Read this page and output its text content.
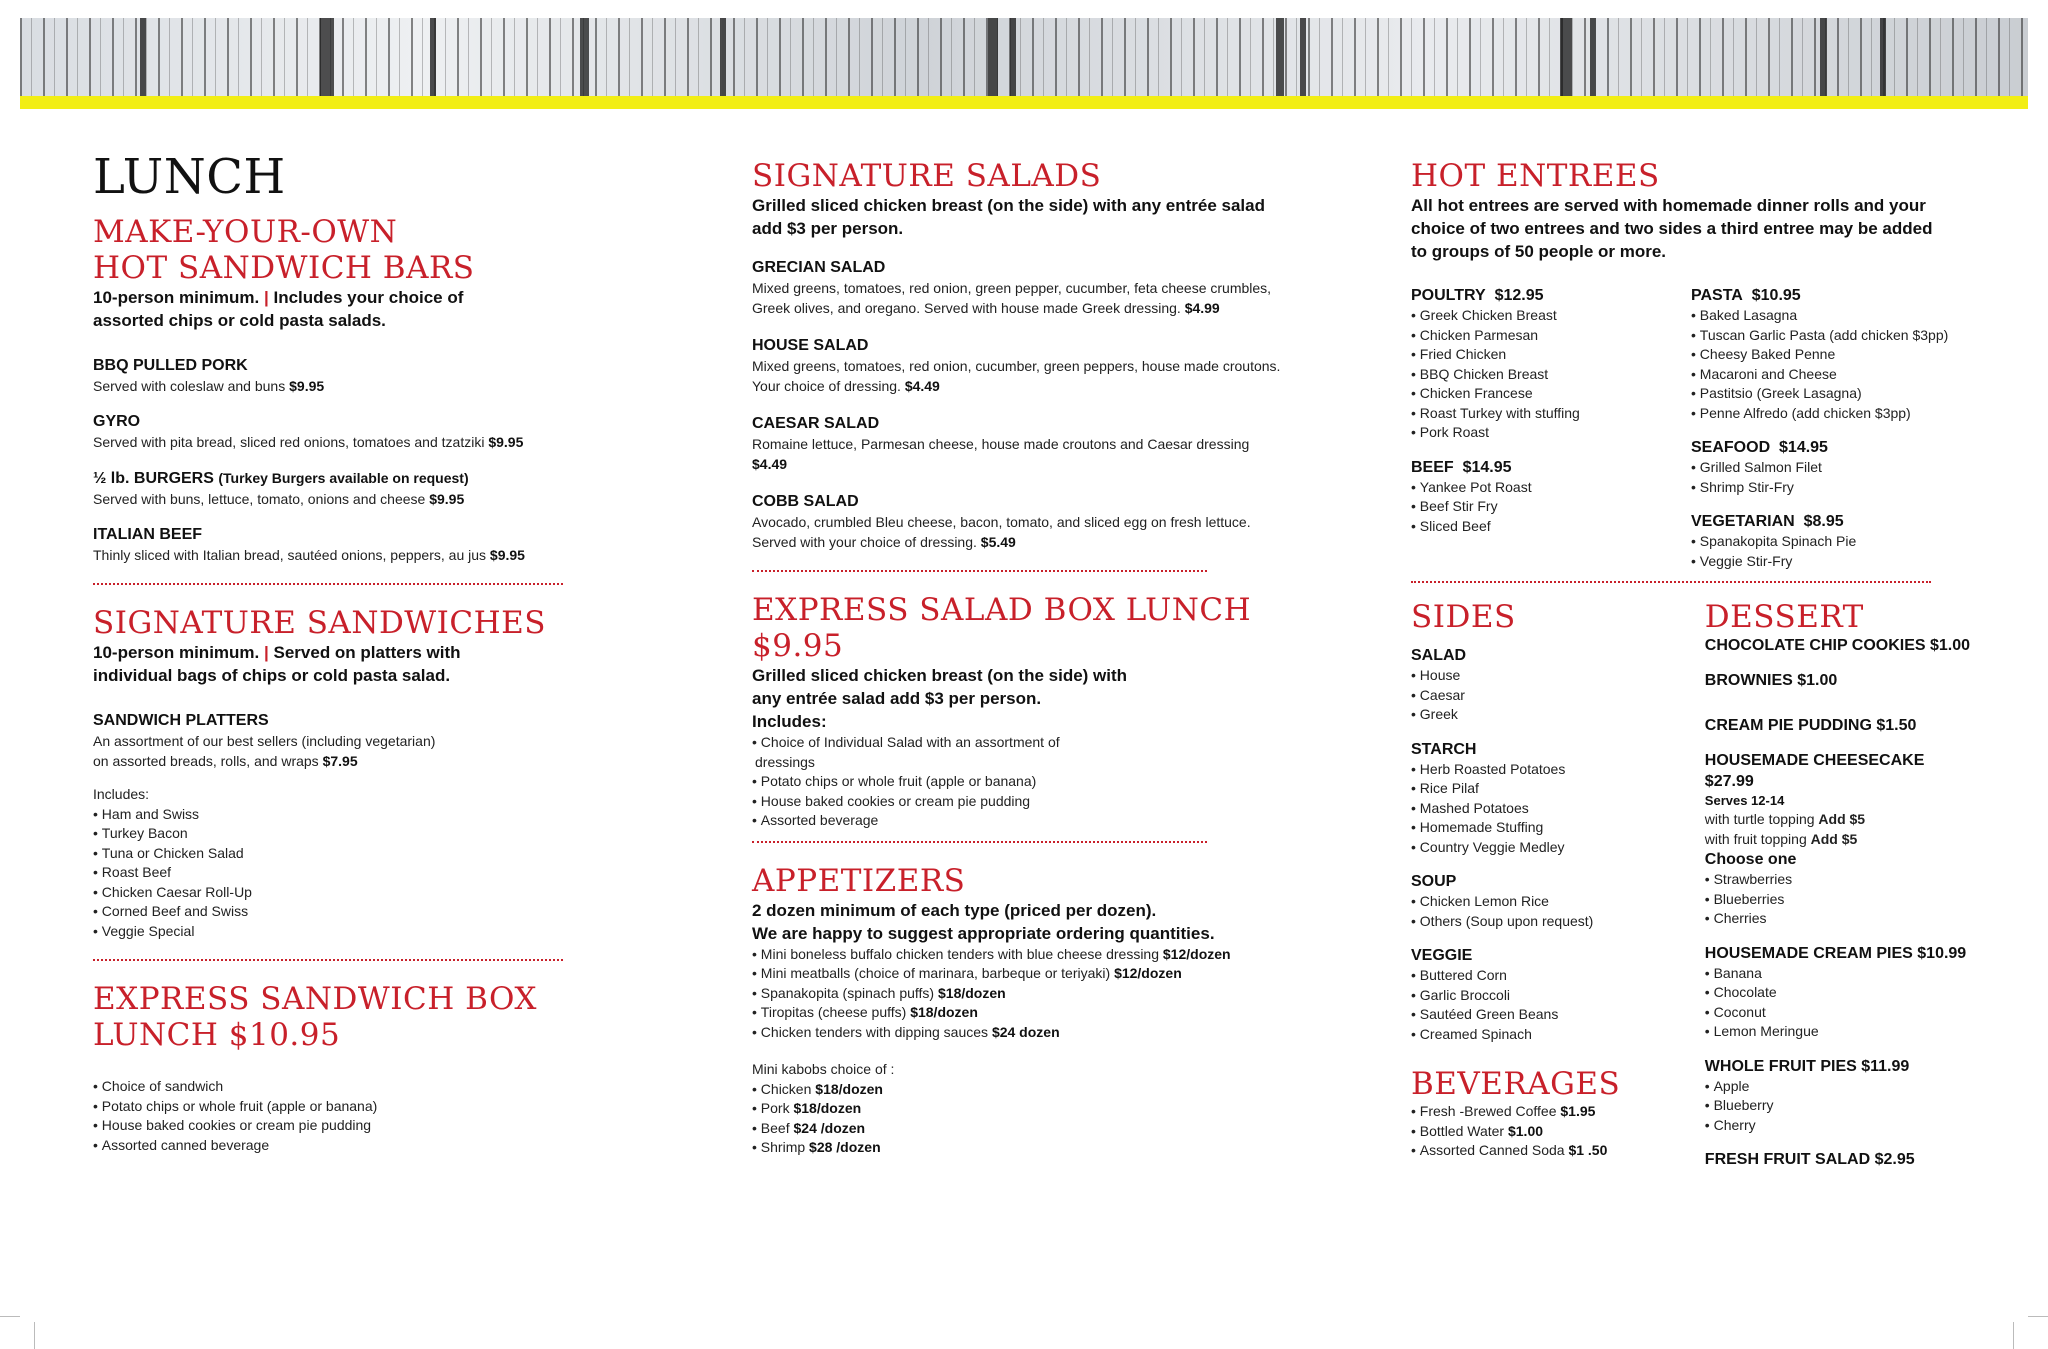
LUNCH
MAKE-YOUR-OWN
HOT SANDWICH BARS
10-person minimum. | Includes your choice of
assorted chips or cold pasta salads.
BBQ PULLED PORK
Served with coleslaw and buns $9.95
GYRO
Served with pita bread, sliced red onions, tomatoes and tzatziki $9.95
½ lb. BURGERS (Turkey Burgers available on request)
Served with buns, lettuce, tomato, onions and cheese $9.95
ITALIAN BEEF
Thinly sliced with Italian bread, sautéed onions, peppers, au jus $9.95
SIGNATURE SANDWICHES
10-person minimum. | Served on platters with
individual bags of chips or cold pasta salad.
SANDWICH PLATTERS
An assortment of our best sellers (including vegetarian)
on assorted breads, rolls, and wraps $7.95
Includes:
• Ham and Swiss
• Turkey Bacon
• Tuna or Chicken Salad
• Roast Beef
• Chicken Caesar Roll-Up
• Corned Beef and Swiss
• Veggie Special
EXPRESS SANDWICH BOX LUNCH $10.95
• Choice of sandwich
• Potato chips or whole fruit (apple or banana)
• House baked cookies or cream pie pudding
• Assorted canned beverage
SIGNATURE SALADS
Grilled sliced chicken breast (on the side) with any entrée salad
add $3 per person.
GRECIAN SALAD
Mixed greens, tomatoes, red onion, green pepper, cucumber, feta cheese crumbles,
Greek olives, and oregano. Served with house made Greek dressing. $4.99
HOUSE SALAD
Mixed greens, tomatoes, red onion, cucumber, green peppers, house made croutons.
Your choice of dressing. $4.49
CAESAR SALAD
Romaine lettuce, Parmesan cheese, house made croutons and Caesar dressing $4.49
COBB SALAD
Avocado, crumbled Bleu cheese, bacon, tomato, and sliced egg on fresh lettuce.
Served with your choice of dressing. $5.49
EXPRESS SALAD BOX LUNCH $9.95
Grilled sliced chicken breast (on the side) with
any entrée salad add $3 per person.
Includes:
• Choice of Individual Salad with an assortment of
dressings
• Potato chips or whole fruit (apple or banana)
• House baked cookies or cream pie pudding
• Assorted beverage
APPETIZERS
2 dozen minimum of each type (priced per dozen).
We are happy to suggest appropriate ordering quantities.
• Mini boneless buffalo chicken tenders with blue cheese dressing $12/dozen
• Mini meatballs (choice of marinara, barbeque or teriyaki) $12/dozen
• Spanakopita (spinach puffs) $18/dozen
• Tiropitas (cheese puffs) $18/dozen
• Chicken tenders with dipping sauces $24 dozen
Mini kabobs choice of :
• Chicken $18/dozen
• Pork $18/dozen
• Beef $24 /dozen
• Shrimp $28 /dozen
HOT ENTREES
All hot entrees are served with homemade dinner rolls and your
choice of two entrees and two sides a third entree may be added
to groups of 50 people or more.
POULTRY $12.95
• Greek Chicken Breast
• Chicken Parmesan
• Fried Chicken
• BBQ Chicken Breast
• Chicken Francese
• Roast Turkey with stuffing
• Pork Roast
BEEF $14.95
• Yankee Pot Roast
• Beef Stir Fry
• Sliced Beef
PASTA $10.95
• Baked Lasagna
• Tuscan Garlic Pasta (add chicken $3pp)
• Cheesy Baked Penne
• Macaroni and Cheese
• Pastitsio (Greek Lasagna)
• Penne Alfredo (add chicken $3pp)
SEAFOOD $14.95
• Grilled Salmon Filet
• Shrimp Stir-Fry
VEGETARIAN $8.95
• Spanakopita Spinach Pie
• Veggie Stir-Fry
SIDES
SALAD
• House
• Caesar
• Greek
STARCH
• Herb Roasted Potatoes
• Rice Pilaf
• Mashed Potatoes
• Homemade Stuffing
• Country Veggie Medley
SOUP
• Chicken Lemon Rice
• Others (Soup upon request)
VEGGIE
• Buttered Corn
• Garlic Broccoli
• Sautéed Green Beans
• Creamed Spinach
BEVERAGES
• Fresh -Brewed Coffee $1.95
• Bottled Water $1.00
• Assorted Canned Soda $1 .50
DESSERT
CHOCOLATE CHIP COOKIES $1.00
BROWNIES $1.00
CREAM PIE PUDDING $1.50
HOUSEMADE CHEESECAKE $27.99
Serves 12-14
with turtle topping Add $5
with fruit topping Add $5
Choose one
• Strawberries
• Blueberries
• Cherries
HOUSEMADE CREAM PIES $10.99
• Banana
• Chocolate
• Coconut
• Lemon Meringue
WHOLE FRUIT PIES $11.99
• Apple
• Blueberry
• Cherry
FRESH FRUIT SALAD $2.95
